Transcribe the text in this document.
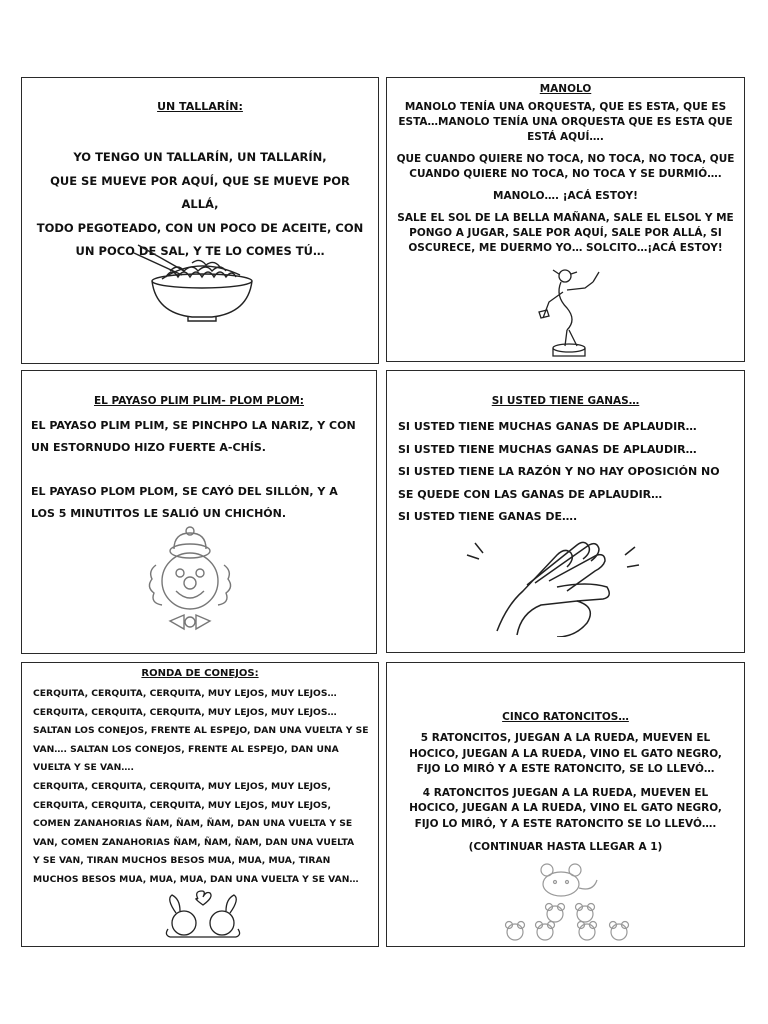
UN TALLARÍN:

YO TENGO UN TALLARÍN, UN TALLARÍN,

QUE SE MUEVE POR AQUÍ, QUE SE MUEVE POR ALLÁ,

TODO PEGOTEADO, CON UN POCO DE ACEITE, CON

UN POCO DE SAL, Y TE LO COMES TÚ…

MANOLO

MANOLO TENÍA UNA ORQUESTA, QUE ES ESTA, QUE ES ESTA…MANOLO TENÍA UNA ORQUESTA QUE ES ESTA QUE ESTÁ AQUÍ….

QUE CUANDO QUIERE NO TOCA, NO TOCA, NO TOCA, QUE CUANDO QUIERE NO TOCA, NO TOCA Y SE DURMIÓ….

MANOLO…. ¡ACÁ ESTOY!

SALE EL SOL DE LA BELLA MAÑANA, SALE EL ELSOL Y ME PONGO A JUGAR, SALE POR AQUÍ, SALE POR ALLÁ, SI OSCURECE, ME DUERMO YO… SOLCITO…¡ACÁ ESTOY!

EL PAYASO PLIM PLIM- PLOM PLOM:

EL PAYASO PLIM PLIM, SE PINCHPO LA NARIZ, Y CON UN ESTORNUDO HIZO FUERTE A-CHÍS.

EL PAYASO PLOM PLOM, SE CAYÓ DEL SILLÓN, Y A LOS 5 MINUTITOS LE SALIÓ UN CHICHÓN.

SI USTED TIENE GANAS…

SI USTED TIENE MUCHAS GANAS DE APLAUDIR…

SI USTED TIENE MUCHAS GANAS DE APLAUDIR…

SI USTED TIENE LA RAZÓN Y NO HAY OPOSICIÓN NO

SE QUEDE CON LAS GANAS DE APLAUDIR…

SI USTED TIENE GANAS DE….

RONDA DE CONEJOS:

CERQUITA, CERQUITA, CERQUITA, MUY LEJOS, MUY LEJOS…

CERQUITA, CERQUITA, CERQUITA, MUY LEJOS, MUY LEJOS…

SALTAN LOS CONEJOS, FRENTE AL ESPEJO, DAN UNA VUELTA Y SE

VAN…. SALTAN LOS CONEJOS, FRENTE AL ESPEJO, DAN UNA

VUELTA Y SE VAN….

CERQUITA, CERQUITA, CERQUITA, MUY LEJOS, MUY LEJOS,

CERQUITA, CERQUITA, CERQUITA, MUY LEJOS, MUY LEJOS,

COMEN ZANAHORIAS ÑAM, ÑAM, ÑAM, DAN UNA VUELTA Y SE

VAN, COMEN ZANAHORIAS ÑAM, ÑAM, ÑAM, DAN UNA VUELTA

Y SE VAN, TIRAN MUCHOS BESOS MUA, MUA, MUA, TIRAN

MUCHOS BESOS MUA, MUA, MUA, DAN UNA VUELTA Y SE VAN…

CINCO RATONCITOS…

5 RATONCITOS, JUEGAN A LA RUEDA, MUEVEN EL HOCICO, JUEGAN A LA RUEDA, VINO EL GATO NEGRO, FIJO LO MIRÓ Y A ESTE RATONCITO, SE LO LLEVÓ…

4 RATONCITOS JUEGAN A LA RUEDA, MUEVEN EL HOCICO, JUEGAN A LA RUEDA, VINO EL GATO NEGRO, FIJO LO MIRÓ, Y A ESTE RATONCITO SE LO LLEVÓ….

(CONTINUAR HASTA LLEGAR A 1)
